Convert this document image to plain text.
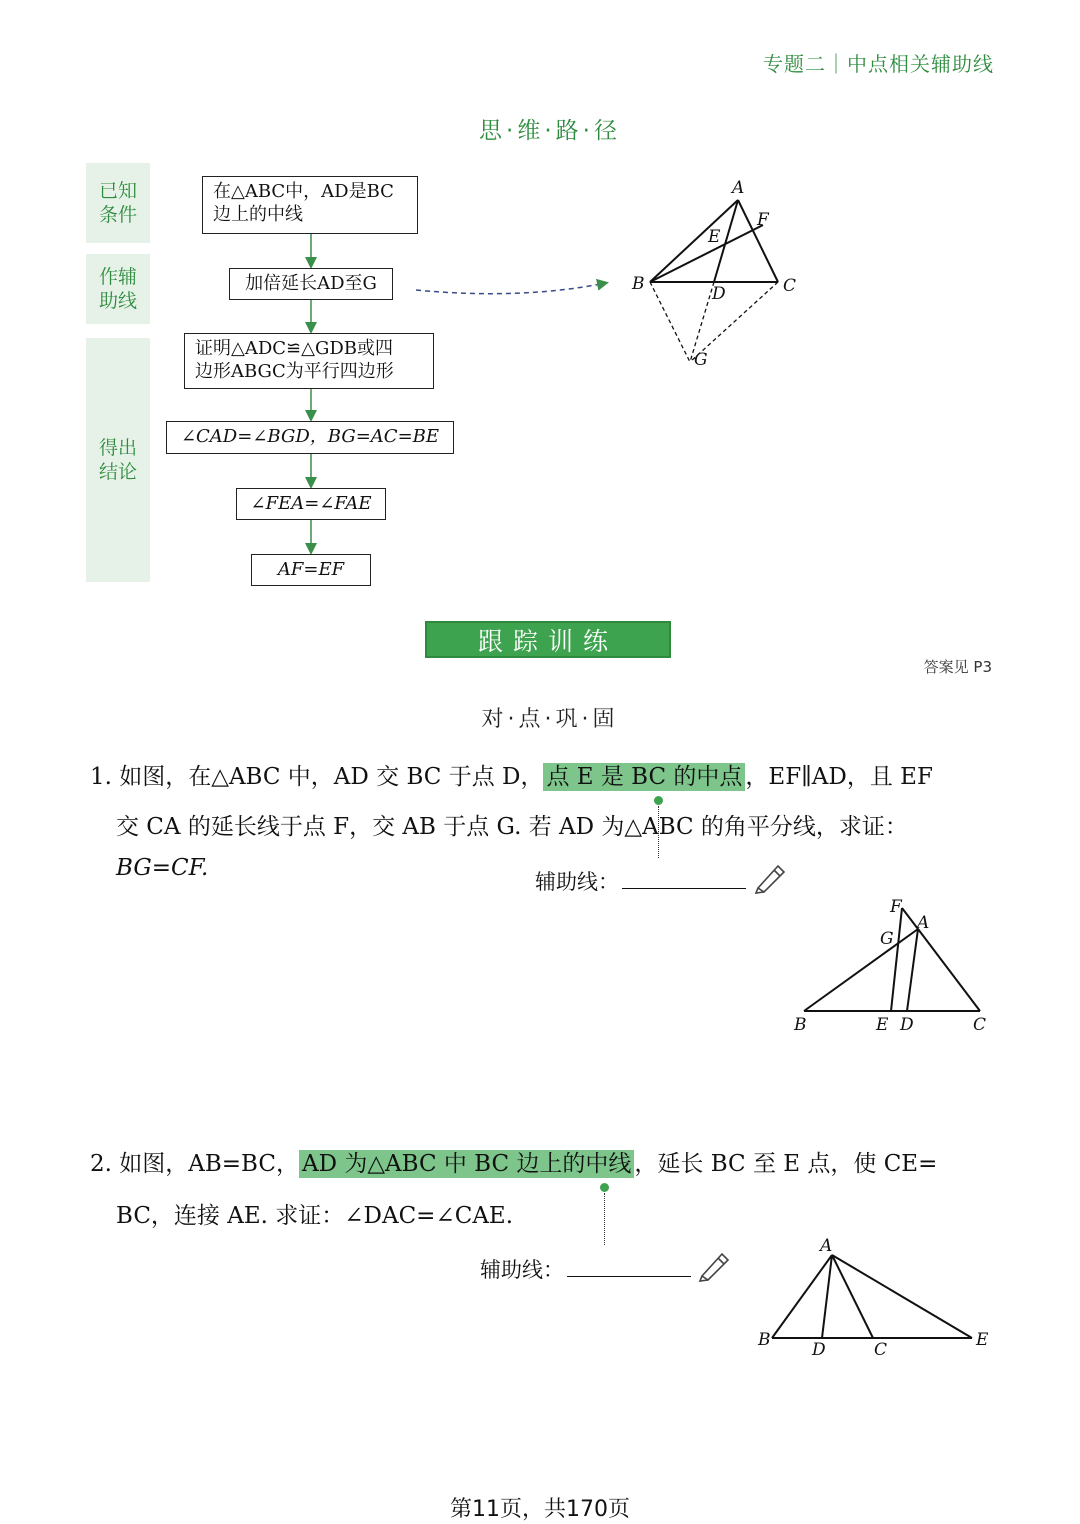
专题二｜中点相关辅助线
思·维·路·径
已知
条件
作辅
助线
得出
结论
在△ABC中，AD是BC
边上的中线
加倍延长AD至G
证明△ADC≌△GDB或四
边形ABGC为平行四边形
∠CAD=∠BGD，BG=AC=BE
∠FEA=∠FAE
AF=EF
A
B	C
D
E
F
G
跟踪训练
答案见 P3
对·点·巩·固
1. 如图，在△ABC 中，AD 交 BC 于点 D， 点 E 是 BC 的中点 ，EF∥AD，且 EF
交 CA 的延长线于点 F，交 AB 于点 G. 若 AD 为△ABC 的角平分线，求证：
BG=CF.
辅助线：
F
A
G
B	E D	C
2. 如图，AB=BC， AD 为△ABC 中 BC 边上的中线 ，延长 BC 至 E 点，使 CE=
BC，连接 AE. 求证：∠DAC=∠CAE.
辅助线：
A
B D	C	E
第11页，共170页
